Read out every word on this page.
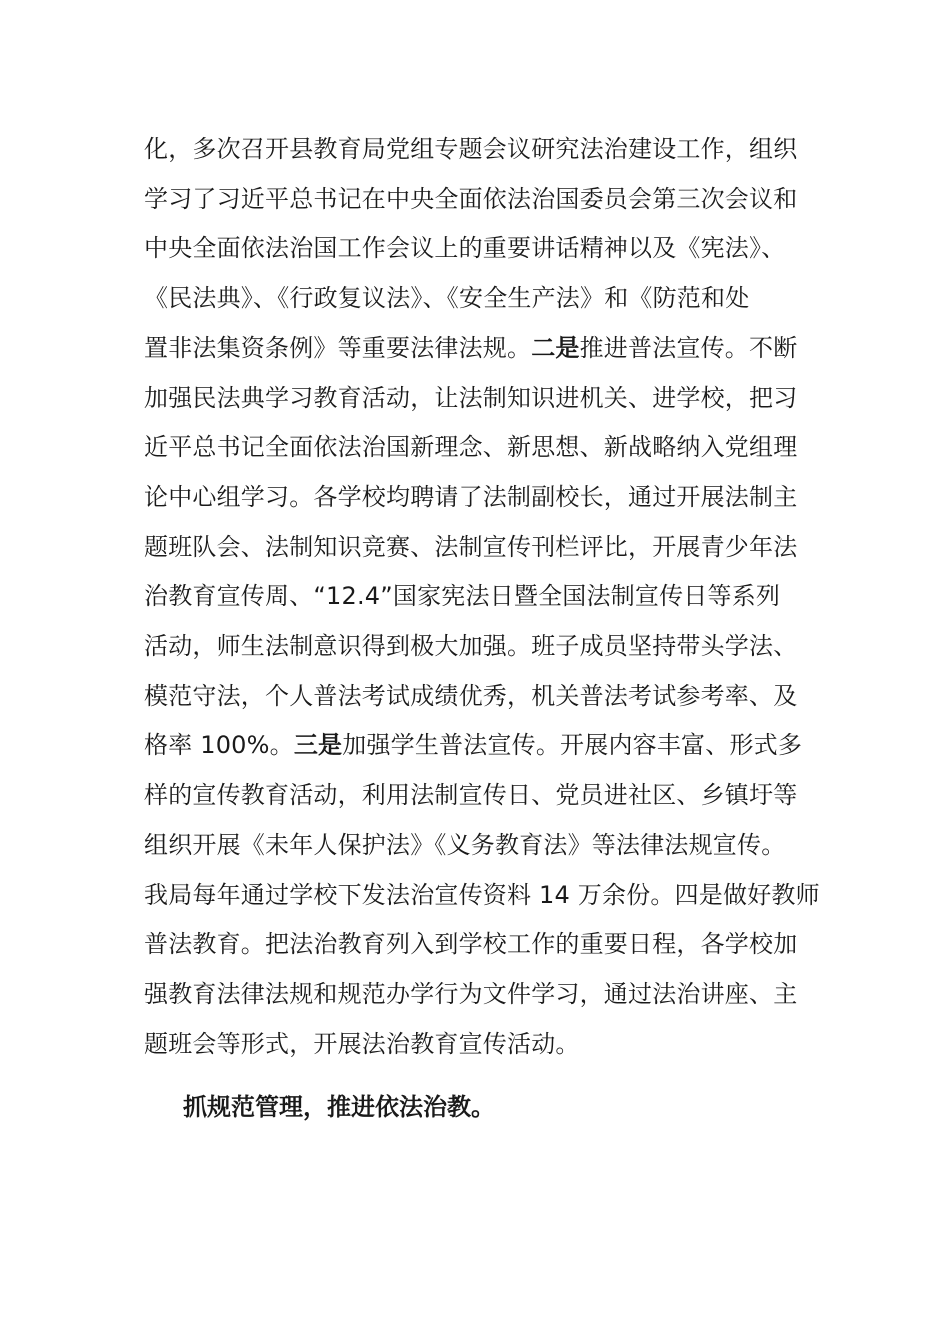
化，多次召开县教育局党组专题会议研究法治建设工作，组织
学习了习近平总书记在中央全面依法治国委员会第三次会议和
中央全面依法治国工作会议上的重要讲话精神以及《宪法》、
《民法典》、《行政复议法》、《安全生产法》和《防范和处
置非法集资条例》等重要法律法规。二是推进普法宣传。不断
加强民法典学习教育活动，让法制知识进机关、进学校，把习
近平总书记全面依法治国新理念、新思想、新战略纳入党组理
论中心组学习。各学校均聘请了法制副校长，通过开展法制主
题班队会、法制知识竞赛、法制宣传刊栏评比，开展青少年法
治教育宣传周、“12.4”国家宪法日暨全国法制宣传日等系列
活动，师生法制意识得到极大加强。班子成员坚持带头学法、
模范守法，个人普法考试成绩优秀，机关普法考试参考率、及
格率 100%。三是加强学生普法宣传。开展内容丰富、形式多
样的宣传教育活动，利用法制宣传日、党员进社区、乡镇圩等
组织开展《未年人保护法》《义务教育法》等法律法规宣传。
我局每年通过学校下发法治宣传资料 14 万余份。四是做好教师
普法教育。把法治教育列入到学校工作的重要日程，各学校加
强教育法律法规和规范办学行为文件学习，通过法治讲座、主
题班会等形式，开展法治教育宣传活动。
抓规范管理，推进依法治教。
